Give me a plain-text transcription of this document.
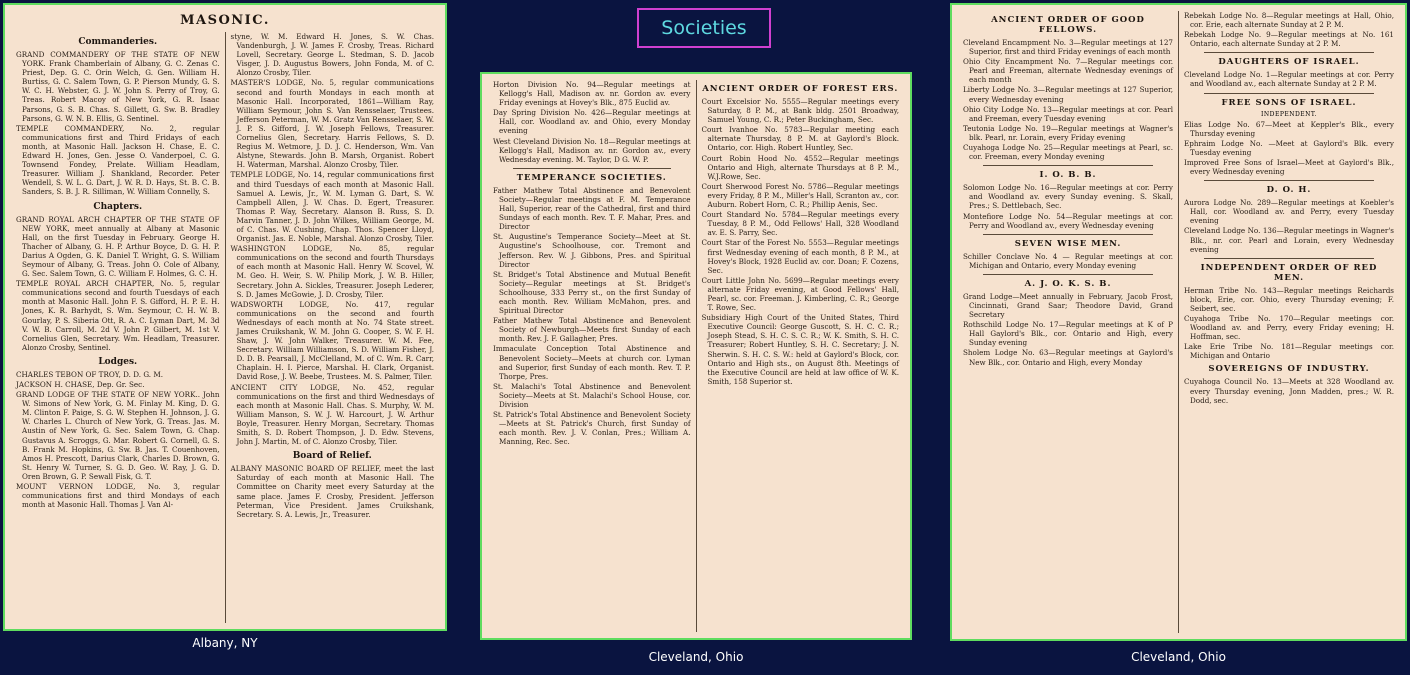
Societies
MASONIC.
Commanderies.
GRAND COMMANDERY OF THE STATE OF NEW YORK. Frank Chamberlain of Albany, G. C. Zenas C. Priest, Dep. G. C. Orin Welch, G. Gen. William H. Burtiss, G. C. Salem Town, G. P. Pierson Mundy, G. S. W. C. H. Webster, G. J. W. John S. Perry of Troy, G. Treas. Robert Macoy of New York, G. R. Isaac Parsons, G. S. B. Chas. S. Gillett, G. Sw. B. Bradley Parsons, G. W. N. B. Ellis, G. Sentinel.
TEMPLE COMMANDERY, No. 2, regular communications first and Third Fridays of each month, at Masonic Hall. Jackson H. Chase, E. C. Edward H. Jones, Gen. Jesse O. Vanderpoel, C. G. Townsend Fondey, Prelate. William Headlam, Treasurer. William J. Shankland, Recorder. Peter Wendell, S. W. L. G. Dart, J. W. R. D. Hays, St. B. C. B. Sanders, S. B. J. R. Silliman, W. William Connelly, S.
Chapters.
GRAND ROYAL ARCH CHAPTER OF THE STATE OF NEW YORK, meet annually at Albany at Masonic Hall, on the first Tuesday in February. George H. Thacher of Albany, G. H. P. Arthur Boyce, D. G. H. P. Darius A Ogden, G. K. Daniel T. Wright, G. S. William Seymour of Albany, G. Treas. John O. Cole of Albany, G. Sec. Salem Town, G. C. William F. Holmes, G. C. H.
TEMPLE ROYAL ARCH CHAPTER, No. 5, regular communications second and fourth Tuesdays of each month at Masonic Hall. John F. S. Gifford, H. P. E. H. Jones, K. R. Barhydt, S. Wm. Seymour, C. H. W. B. Gourlay, P. S. Siberia Ott, R. A. C. Lyman Dart, M. 3d V. W. B. Carroll, M. 2d V. John P. Gilbert, M. 1st V. Cornelius Glen, Secretary. Wm. Headlam, Treasurer. Alonzo Crosby, Sentinel.
Lodges.
CHARLES TEBON OF TROY, D. D. G. M.
JACKSON H. CHASE, Dep. Gr. Sec.
GRAND LODGE OF THE STATE OF NEW YORK.. John W. Simons of New York, G. M. Finlay M. King, D. G. M. Clinton F. Paige, S. G. W. Stephen H. Johnson, J. G. W. Charles L. Church of New York, G. Treas. Jas. M. Austin of New York, G. Sec. Salem Town, G. Chap. Gustavus A. Scroggs, G. Mar. Robert G. Cornell, G. S. B. Frank M. Hopkins, G. Sw. B. Jas. T. Couenhoven, Amos H. Prescott, Darius Clark, Charles D. Brown, G. St. Henry W. Turner, S. G. D. Geo. W. Ray, J. G. D. Oren Brown, G. P. Sewall Fisk, G. T.
MOUNT VERNON LODGE, No. 3, regular communications first and third Mondays of each month at Masonic Hall. Thomas J. Van Al-
styne, W. M. Edward H. Jones, S. W. Chas. Vandenburgh, J. W. James F. Crosby, Treas. Richard Lovell, Secretary. George L. Stedman, S. D. Jacob Visger, J. D. Augustus Bowers, John Fonda, M. of C. Alonzo Crosby, Tiler.
MASTER'S LODGE, No. 5, regular communications second and fourth Mondays in each month at Masonic Hall. Incorporated, 1861—William Ray, William Seymour, John S. Van Rensselaer, Trustees. Jefferson Peterman, W. M. Gratz Van Rensselaer, S. W. J. P. S. Gifford, J. W. Joseph Fellows, Treasurer. Cornelius Glen, Secretary. Harris Fellows, S. D. Regius M. Wetmore, J. D. J. C. Henderson, Wm. Van Alstyne, Stewards. John B. Marsh, Organist. Robert H. Waterman, Marshal. Alonzo Crosby, Tiler.
TEMPLE LODGE, No. 14, regular communications first and third Tuesdays of each month at Masonic Hall. Samuel A. Lewis, Jr., W. M. Lyman G. Dart, S. W. Campbell Allen, J. W. Chas. D. Egert, Treasurer. Thomas P. Way, Secretary. Alanson B. Russ, S. D. Marvin Tanner, J. D. John Wilkes, William George, M. of C. Chas. W. Cushing, Chap. Thos. Spencer Lloyd, Organist. Jas. E. Noble, Marshal. Alonzo Crosby, Tiler.
WASHINGTON LODGE, No. 85, regular communications on the second and fourth Thursdays of each month at Masonic Hall. Henry W. Scovel, W. M. Geo. H. Weir, S. W. Philip Mork, J. W. B. Hiller, Secretary. John A. Sickles, Treasurer. Joseph Lederer, S. D. James McGowie, J. D. Crosby, Tiler.
WADSWORTH LODGE, No. 417, regular communications on the second and fourth Wednesdays of each month at No. 74 State street. James Cruikshank, W. M. John G. Cooper, S. W. F. H. Shaw, J. W. John Walker, Treasurer. W. M. Fee, Secretary. William Williamson, S. D. William Fisher, J. D. D. B. Pearsall, J. McClelland, M. of C. Wm. R. Carr, Chaplain. H. I. Pierce, Marshal. H. Clark, Organist. David Rose, J. W. Beebe, Trustees. M. S. Palmer, Tiler.
ANCIENT CITY LODGE, No. 452, regular communications on the first and third Wednesdays of each month at Masonic Hall. Chas. S. Murphy, W. M. William Manson, S. W. J. W. Harcourt, J. W. Arthur Boyle, Treasurer. Henry Morgan, Secretary. Thomas Smith, S. D. Robert Thompson, J. D. Edw. Stevens, John J. Martin, M. of C. Alonzo Crosby, Tiler.
Board of Relief.
ALBANY MASONIC BOARD OF RELIEF, meet the last Saturday of each month at Masonic Hall. The Committee on Charity meet every Saturday at the same place. James F. Crosby, President. Jefferson Peterman, Vice President. James Cruikshank, Secretary. S. A. Lewis, Jr., Treasurer.
Horton Division No. 94—Regular meetings at Kellogg's Hall, Madison av. nr. Gordon av. every Friday evenings at Hovey's Blk., 875 Euclid av.
Day Spring Division No. 426—Regular meetings at Hall, cor. Woodland av. and Ohio, every Monday evening
West Cleveland Division No. 18—Regular meetings at Kellogg's Hall, Madison av. nr. Gordon av., every Wednesday evening. M. Taylor, D G. W. P.
TEMPERANCE SOCIETIES.
Father Mathew Total Abstinence and Benevolent Society—Regular meetings at F. M. Temperance Hall, Superior, rear of the Cathedral, first and third Sundays of each month. Rev. T. F. Mahar, Pres. and Director
St. Augustine's Temperance Society—Meet at St. Augustine's Schoolhouse, cor. Tremont and Jefferson. Rev. W. J. Gibbons, Pres. and Spiritual Director
St. Bridget's Total Abstinence and Mutual Benefit Society—Regular meetings at St. Bridget's Schoolhouse, 333 Perry st., on the first Sunday of each month. Rev. William McMahon, pres. and Spiritual Director
Father Mathew Total Abstinence and Benevolent Society of Newburgh—Meets first Sunday of each month. Rev. J. F. Gallagher, Pres.
Immaculate Conception Total Abstinence and Benevolent Society—Meets at church cor. Lyman and Superior, first Sunday of each month. Rev. T. P. Thorpe, Pres.
St. Malachi's Total Abstinence and Benevolent Society—Meets at St. Malachi's School House, cor. Division
St. Patrick's Total Abstinence and Benevolent Society—Meets at St. Patrick's Church, first Sunday of each month. Rev. J. V. Conlan, Pres.; William A. Manning, Rec. Sec.
ANCIENT ORDER OF FOREST ERS.
Court Excelsior No. 5555—Regular meetings every Saturday, 8 P. M., at Bank bldg. 2501 Broadway, Samuel Young, C. R.; Peter Buckingham, Sec.
Court Ivanhoe No. 5783—Regular meeting each alternate Thursday, 8 P. M. at Gaylord's Block. Ontario, cor. High. Robert Huntley, Sec.
Court Robin Hood No. 4552—Regular meetings Ontario and High, alternate Thursdays at 8 P. M., W.J.Rowe, Sec.
Court Sherwood Forest No. 5786—Regular meetings every Friday, 8 P. M., Miller's Hall, Scranton av., cor. Auburn. Robert Horn, C. R.; Phillip Aenis, Sec.
Court Standard No. 5784—Regular meetings every Tuesday, 8 P. M., Odd Fellows' Hall, 328 Woodland av. E. S. Parry, Sec.
Court Star of the Forest No. 5553—Regular meetings first Wednesday evening of each month, 8 P. M., at Hovey's Block, 1928 Euclid av. cor. Doan; F. Cozens, Sec.
Court Little John No. 5699—Regular meetings every alternate Friday evening, at Good Fellows' Hall, Pearl, sc. cor. Freeman. J. Kimberling, C. R.; George T. Rowe, Sec.
Subsidiary High Court of the United States, Third Executive Council: George Guscott, S. H. C. C. R.; Joseph Stead, S. H. C. S. C. R.; W. K. Smith, S. H. C. Treasurer; Robert Huntley, S. H. C. Secretary; J. N. Sherwin. S. H. C. S. W.: held at Gaylord's Block, cor. Ontario and High sts., on August 8th. Meetings of the Executive Council are held at law office of W. K. Smith, 158 Superior st.
ANCIENT ORDER OF GOOD FELLOWS.
Cleveland Encampment No. 3—Regular meetings at 127 Superior, first and third Friday evenings of each month
Ohio City Encampment No. 7—Regular meetings cor. Pearl and Freeman, alternate Wednesday evenings of each month
Liberty Lodge No. 3—Regular meetings at 127 Superior, every Wednesday evening
Ohio City Lodge No. 13—Regular meetings at cor. Pearl and Freeman, every Tuesday evening
Teutonia Lodge No. 19—Regular meetings at Wagner's blk. Pearl, nr. Lorain, every Friday evening
Cuyahoga Lodge No. 25—Regular meetings at Pearl, sc. cor. Freeman, every Monday evening
I. O. B. B.
Solomon Lodge No. 16—Regular meetings at cor. Perry and Woodland av. every Sunday evening. S. Skall, Pres.; S. Dettlebach, Sec.
Montefiore Lodge No. 54—Regular meetings at cor. Perry and Woodland av., every Wednesday evening
SEVEN WISE MEN.
Schiller Conclave No. 4 — Regular meetings at cor. Michigan and Ontario, every Monday evening
A. J. O. K. S. B.
Grand Lodge—Meet annually in February, Jacob Frost, Cincinnati, Grand Saar; Theodore David, Grand Secretary
Rothschild Lodge No. 17—Regular meetings at K of P Hall Gaylord's Blk., cor. Ontario and High, every Sunday evening
Sholem Lodge No. 63—Regular meetings at Gaylord's New Blk., cor. Ontario and High, every Monday
Rebekah Lodge No. 8—Regular meetings at Hall, Ohio, cor. Erie, each alternate Sunday at 2 P. M.
Rebekah Lodge No. 9—Regular meetings at No. 161 Ontario, each alternate Sunday at 2 P. M.
DAUGHTERS OF ISRAEL.
Cleveland Lodge No. 1—Regular meetings at cor. Perry and Woodland av., each alternate Sunday at 2 P. M.
FREE SONS OF ISRAEL.
INDEPENDENT.
Elias Lodge No. 67—Meet at Keppler's Blk., every Thursday evening
Ephraim Lodge No. —Meet at Gaylord's Blk. every Tuesday evening
Improved Free Sons of Israel—Meet at Gaylord's Blk., every Wednesday evening
D. O. H.
Aurora Lodge No. 289—Regular meetings at Koebler's Hall, cor. Woodland av. and Perry, every Tuesday evening
Cleveland Lodge No. 136—Regular meetings in Wagner's Blk., nr. cor. Pearl and Lorain, every Wednesday evening
INDEPENDENT ORDER OF RED MEN.
Herman Tribe No. 143—Regular meetings Reichards block, Erie, cor. Ohio, every Thursday evening; F. Seibert, sec.
Cuyahoga Tribe No. 170—Regular meetings cor. Woodland av. and Perry, every Friday evening; H. Hoffman, sec.
Lake Erie Tribe No. 181—Regular meetings cor. Michigan and Ontario
SOVEREIGNS OF INDUSTRY.
Cuyahoga Council No. 13—Meets at 328 Woodland av. every Thursday evening, Jonn Madden, pres.; W. R. Dodd, sec.
Albany, NY
Cleveland, Ohio	Cleveland, Ohio
